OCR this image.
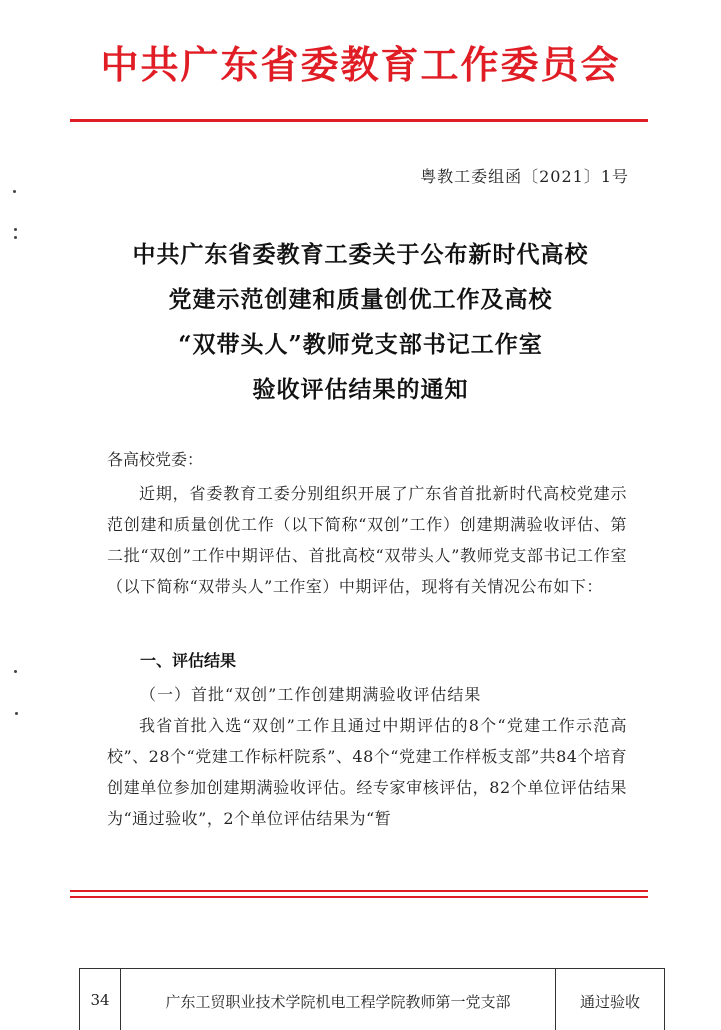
中共广东省委教育工作委员会
粤教工委组函〔2021〕1号
中共广东省委教育工委关于公布新时代高校
党建示范创建和质量创优工作及高校
“双带头人”教师党支部书记工作室
验收评估结果的通知
各高校党委：
近期，省委教育工委分别组织开展了广东省首批新时代高校党建示范创建和质量创优工作（以下简称“双创”工作）创建期满验收评估、第二批“双创”工作中期评估、首批高校“双带头人”教师党支部书记工作室（以下简称“双带头人”工作室）中期评估，现将有关情况公布如下：
一、评估结果
（一）首批“双创”工作创建期满验收评估结果
我省首批入选“双创”工作且通过中期评估的8个“党建工作示范高校”、28个“党建工作标杆院系”、48个“党建工作样板支部”共84个培育创建单位参加创建期满验收评估。经专家审核评估，82个单位评估结果为“通过验收”，2个单位评估结果为“暂
34	广东工贸职业技术学院机电工程学院教师第一党支部	通过验收
